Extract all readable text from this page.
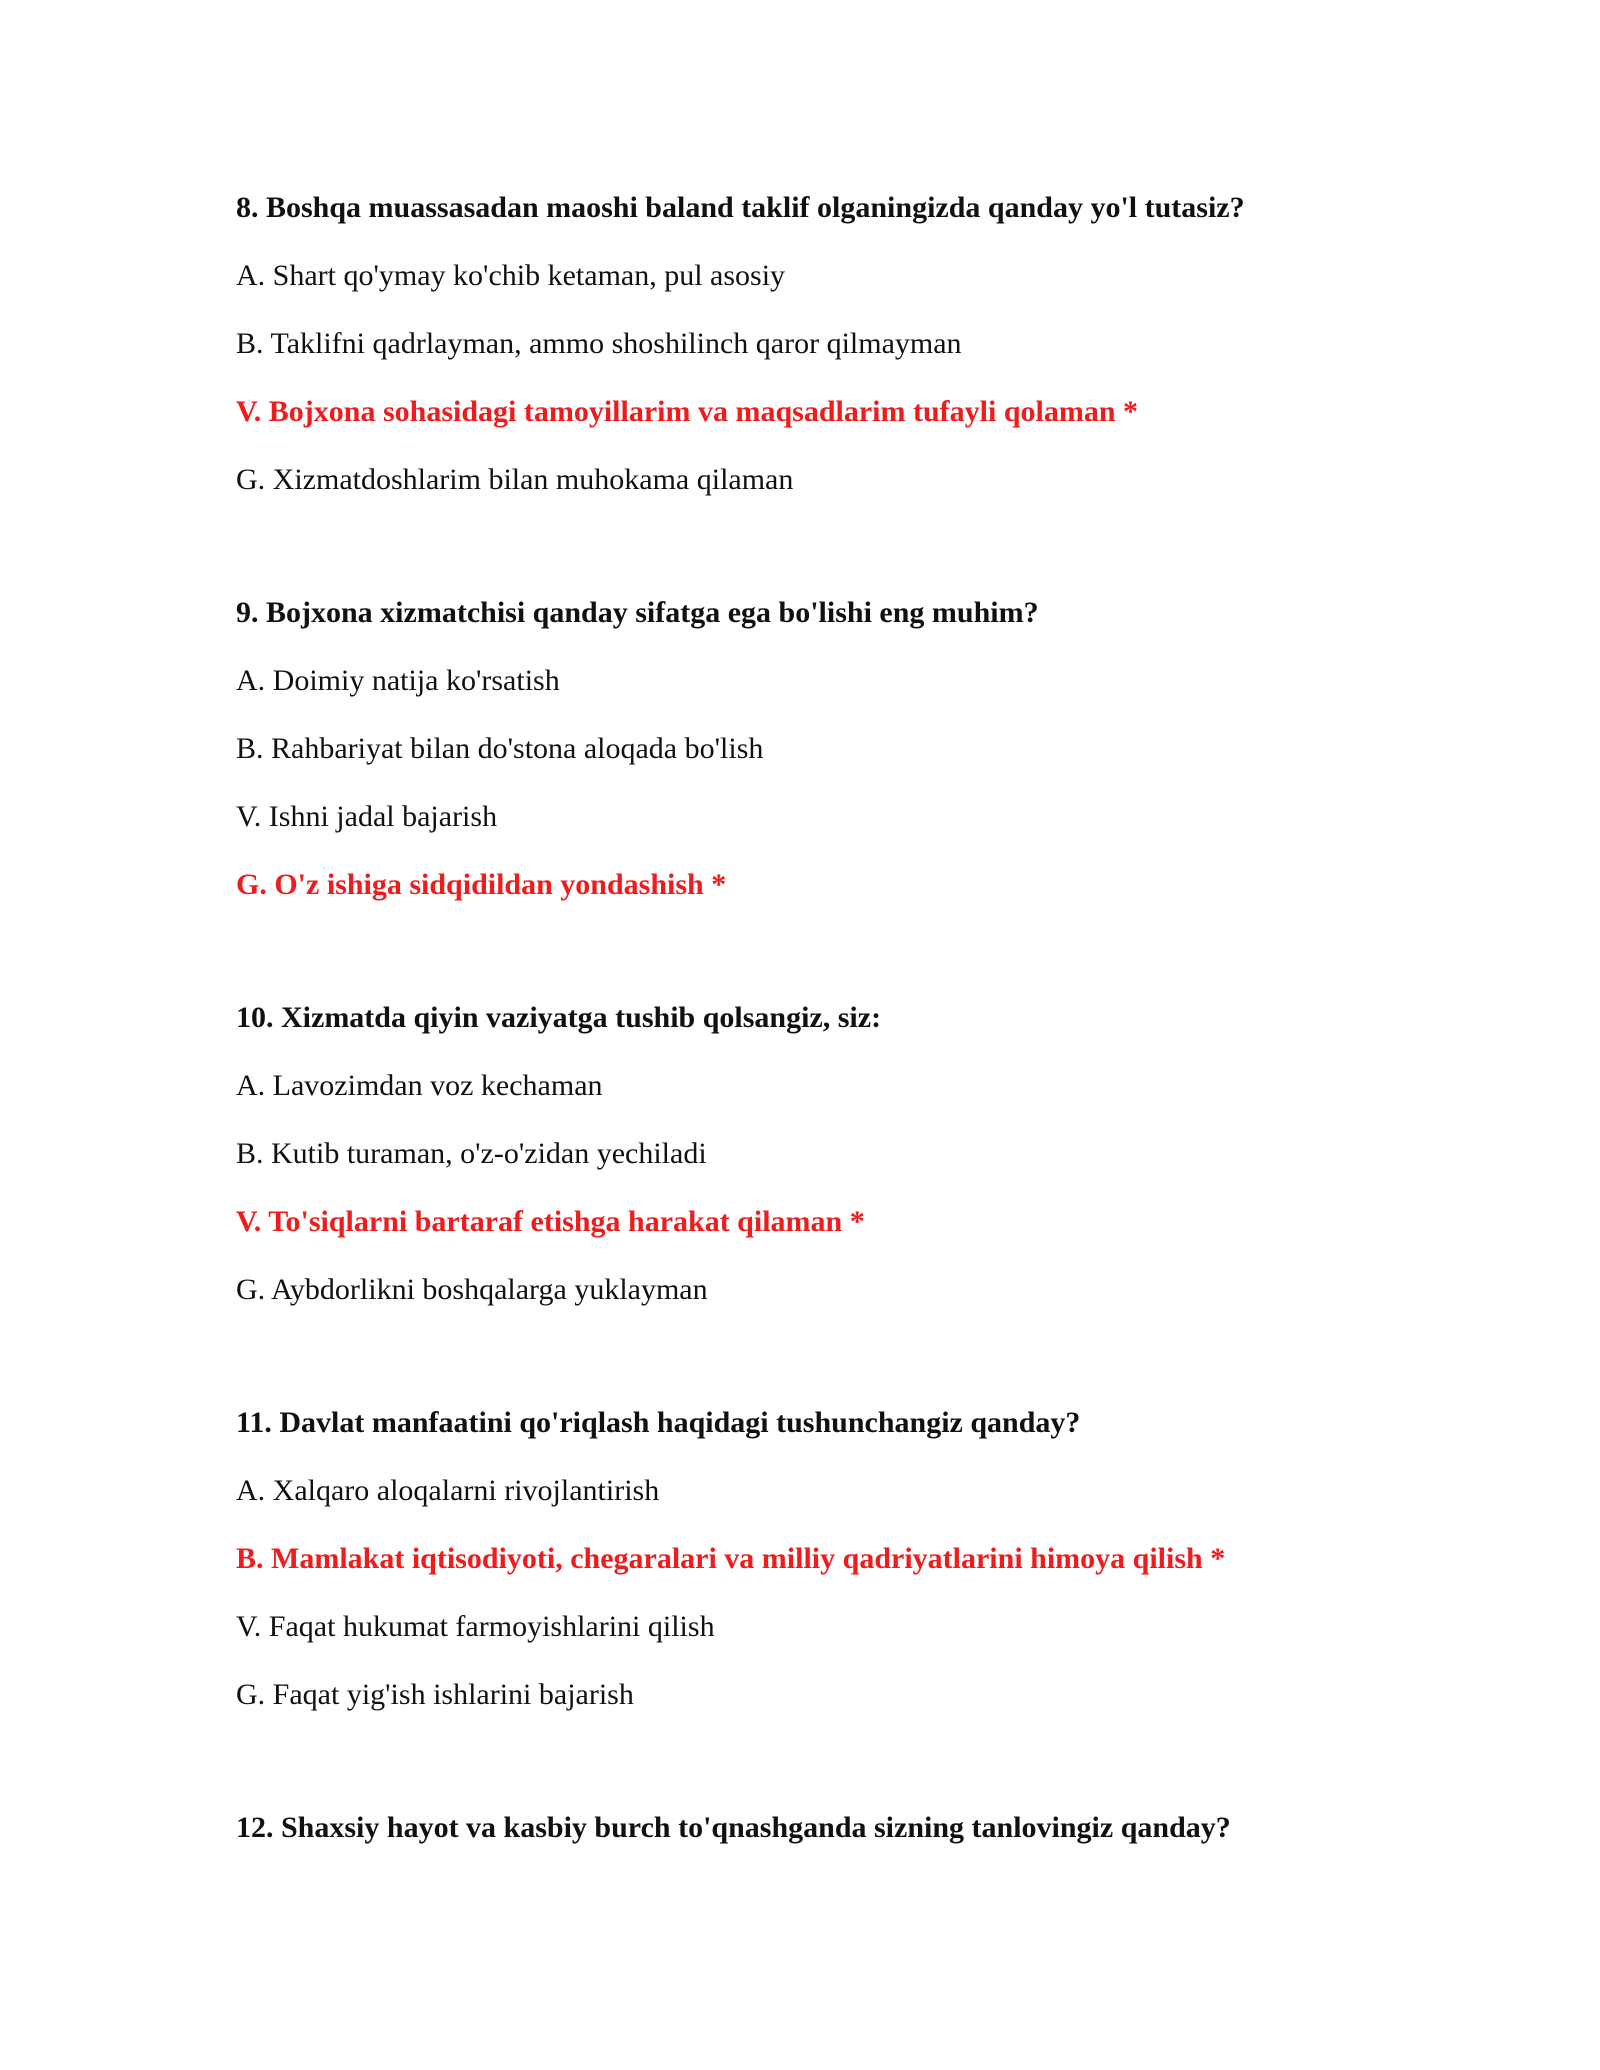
8. Boshqa muassasadan maoshi baland taklif olganingizda qanday yo'l tutasiz?

A. Shart qo'ymay ko'chib ketaman, pul asosiy

B. Taklifni qadrlayman, ammo shoshilinch qaror qilmayman

V. Bojxona sohasidagi tamoyillarim va maqsadlarim tufayli qolaman *

G. Xizmatdoshlarim bilan muhokama qilaman

9. Bojxona xizmatchisi qanday sifatga ega bo'lishi eng muhim?

A. Doimiy natija ko'rsatish

B. Rahbariyat bilan do'stona aloqada bo'lish

V. Ishni jadal bajarish

G. O'z ishiga sidqidildan yondashish *

10. Xizmatda qiyin vaziyatga tushib qolsangiz, siz:

A. Lavozimdan voz kechaman

B. Kutib turaman, o'z-o'zidan yechiladi

V. To'siqlarni bartaraf etishga harakat qilaman *

G. Aybdorlikni boshqalarga yuklayman

11. Davlat manfaatini qo'riqlash haqidagi tushunchangiz qanday?

A. Xalqaro aloqalarni rivojlantirish

B. Mamlakat iqtisodiyoti, chegaralari va milliy qadriyatlarini himoya qilish *

V. Faqat hukumat farmoyishlarini qilish

G. Faqat yig'ish ishlarini bajarish

12. Shaxsiy hayot va kasbiy burch to'qnashganda sizning tanlovingiz qanday?
